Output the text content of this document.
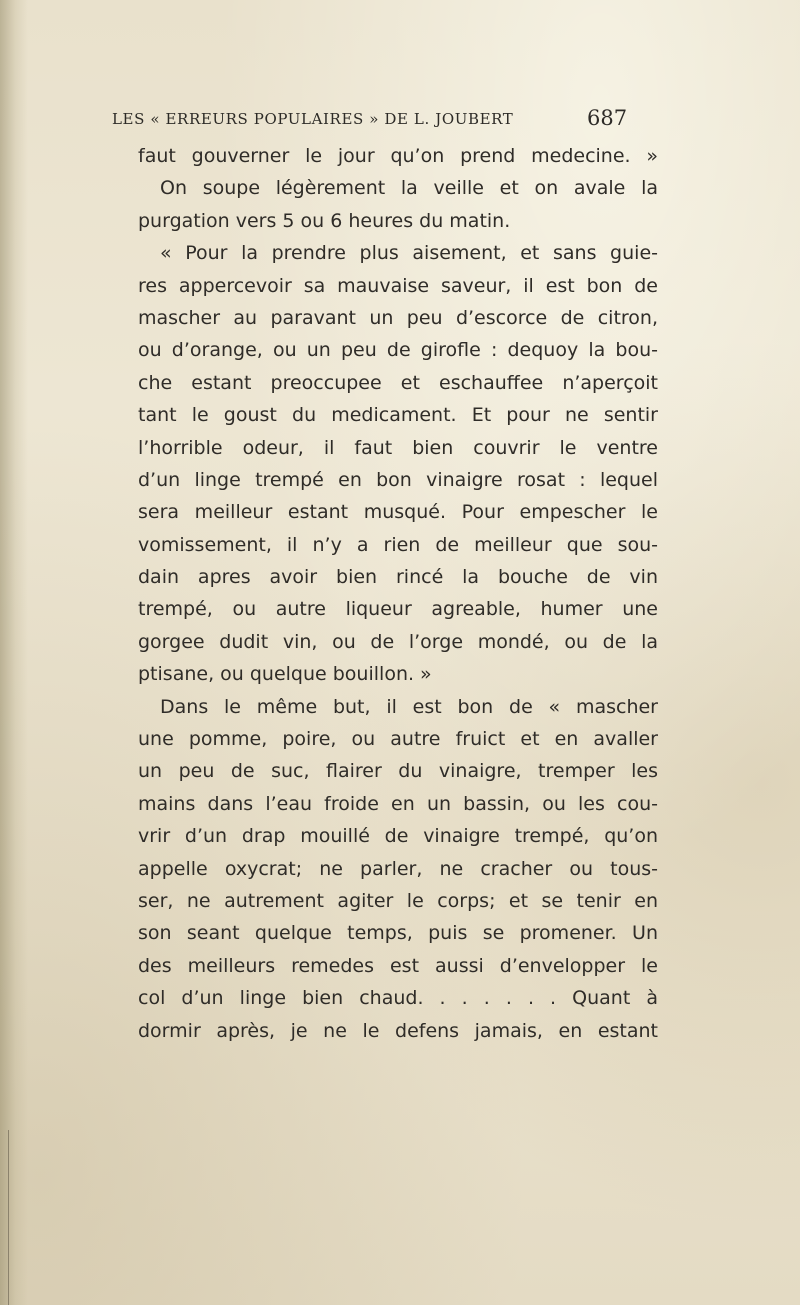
LES « ERREURS POPULAIRES » DE L. JOUBERT	687
faut gouverner le jour qu’on prend medecine. »
On soupe légèrement la veille et on avale la
purgation vers 5 ou 6 heures du matin.
« Pour la prendre plus aisement, et sans guie-
res appercevoir sa mauvaise saveur, il est bon de
mascher au paravant un peu d’escorce de citron,
ou d’orange, ou un peu de girofle : dequoy la bou-
che estant preoccupee et eschauffee n’aperçoit
tant le goust du medicament. Et pour ne sentir
l’horrible odeur, il faut bien couvrir le ventre
d’un linge trempé en bon vinaigre rosat : lequel
sera meilleur estant musqué. Pour empescher le
vomissement, il n’y a rien de meilleur que sou-
dain apres avoir bien rincé la bouche de vin
trempé, ou autre liqueur agreable, humer une
gorgee dudit vin, ou de l’orge mondé, ou de la
ptisane, ou quelque bouillon. »
Dans le même but, il est bon de « mascher
une pomme, poire, ou autre fruict et en avaller
un peu de suc, flairer du vinaigre, tremper les
mains dans l’eau froide en un bassin, ou les cou-
vrir d’un drap mouillé de vinaigre trempé, qu’on
appelle oxycrat; ne parler, ne cracher ou tous-
ser, ne autrement agiter le corps; et se tenir en
son seant quelque temps, puis se promener. Un
des meilleurs remedes est aussi d’envelopper le
col d’un linge bien chaud. . . . . . . Quant à
dormir après, je ne le defens jamais, en estant
